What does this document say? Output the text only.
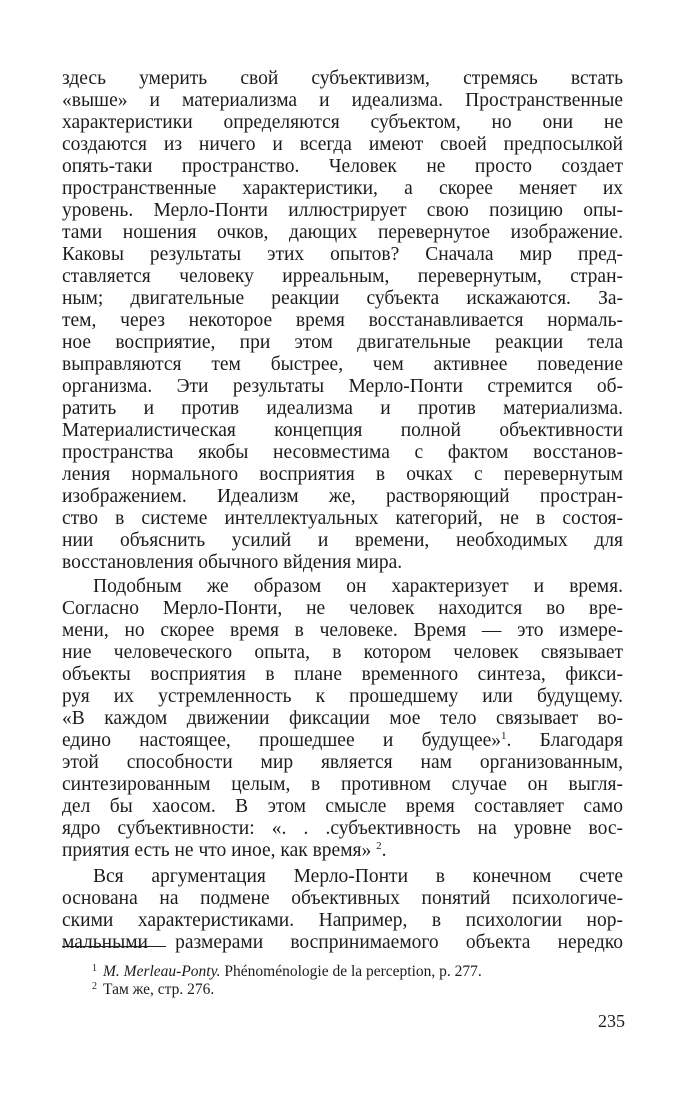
здесь умерить свой субъективизм, стремясь встать
«выше» и материализма и идеализма. Пространственные
характеристики определяются субъектом, но они не
создаются из ничего и всегда имеют своей предпосылкой
опять-таки пространство. Человек не просто создает
пространственные характеристики, а скорее меняет их
уровень. Мерло-Понти иллюстрирует свою позицию опы-
тами ношения очков, дающих перевернутое изображение.
Каковы результаты этих опытов? Сначала мир пред-
ставляется человеку ирреальным, перевернутым, стран-
ным; двигательные реакции субъекта искажаются. За-
тем, через некоторое время восстанавливается нормаль-
ное восприятие, при этом двигательные реакции тела
выправляются тем быстрее, чем активнее поведение
организма. Эти результаты Мерло-Понти стремится об-
ратить и против идеализма и против материализма.
Материалистическая концепция полной объективности
пространства якобы несовместима с фактом восстанов-
ления нормального восприятия в очках с перевернутым
изображением. Идеализм же, растворяющий простран-
ство в системе интеллектуальных категорий, не в состоя-
нии объяснить усилий и времени, необходимых для
восстановления обычного вйдения мира.
Подобным же образом он характеризует и время.
Согласно Мерло-Понти, не человек находится во вре-
мени, но скорее время в человеке. Время — это измере-
ние человеческого опыта, в котором человек связывает
объекты восприятия в плане временного синтеза, фикси-
руя их устремленность к прошедшему или будущему.
«В каждом движении фиксации мое тело связывает во-
едино настоящее, прошедшее и будущее»$^1$. Благодаря
этой способности мир является нам организованным,
синтезированным целым, в противном случае он выгля-
дел бы хаосом. В этом смысле время составляет само
ядро субъективности: «. . .субъективность на уровне вос-
приятия есть не что иное, как время» $^2$.
Вся аргументация Мерло-Понти в конечном счете
основана на подмене объективных понятий психологиче-
скими характеристиками. Например, в психологии нор-
мальными размерами воспринимаемого объекта нередко
$^1$ M. Merleau-Ponty. Phénoménologie de la perception, p. 277.
$^2$ Там же, стр. 276.
235
